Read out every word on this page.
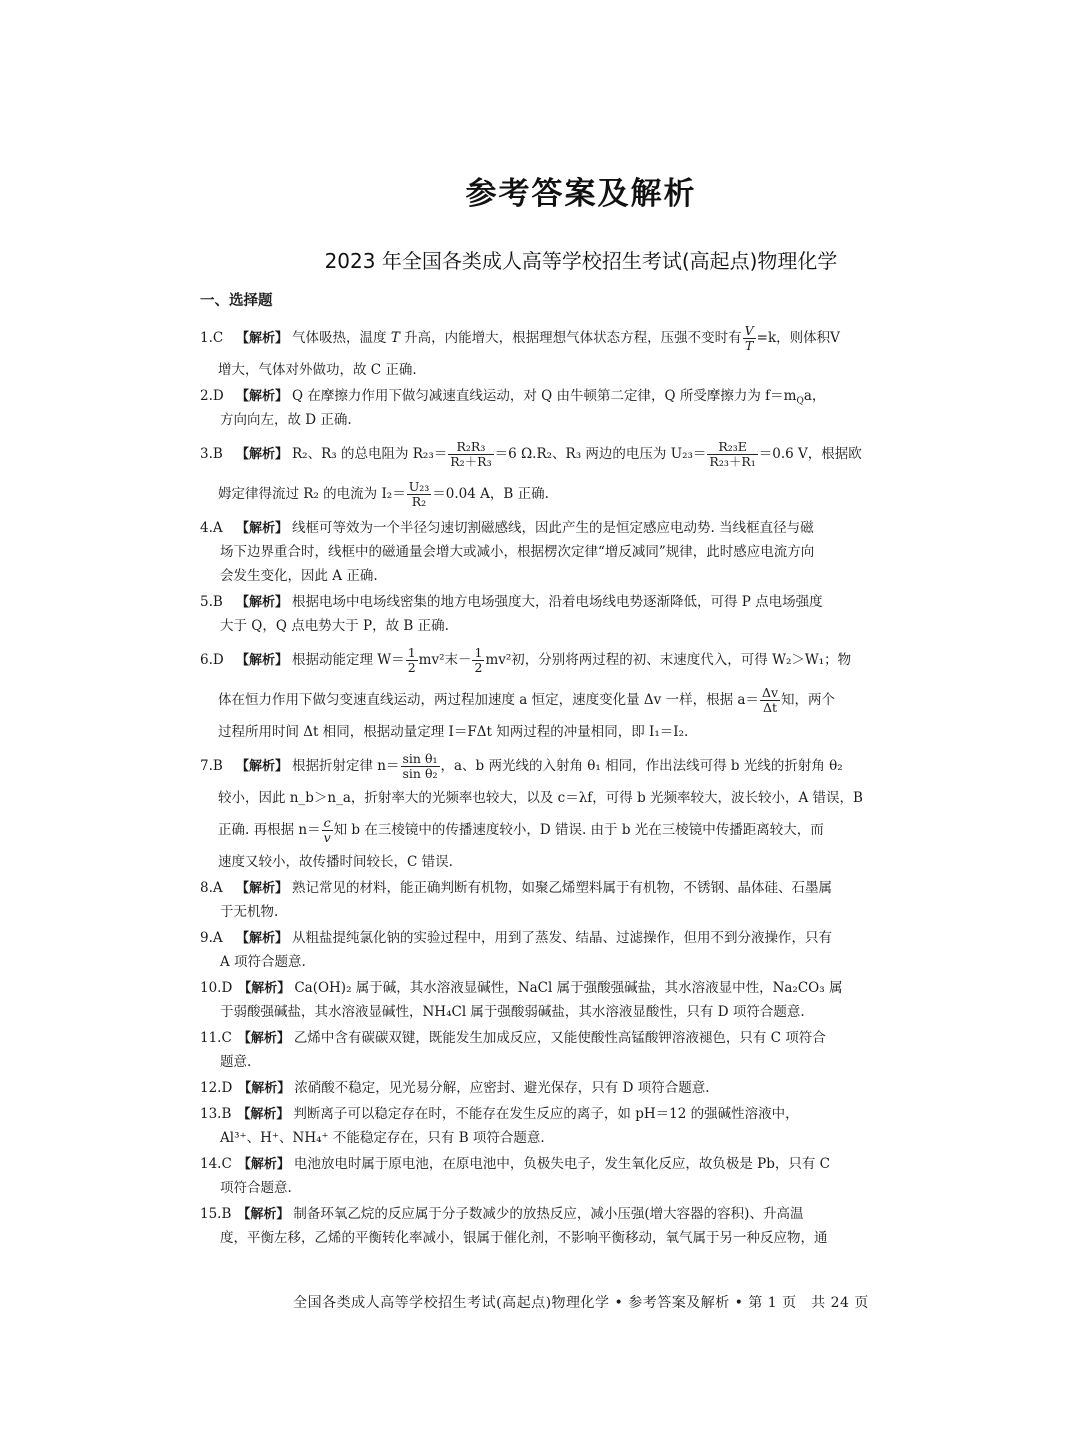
参考答案及解析
2023 年全国各类成人高等学校招生考试(高起点)物理化学
一、选择题
1.C 【解析】 气体吸热，温度 T 升高，内能增大，根据理想气体状态方程，压强不变时有 $\frac{V}{T} =k$，则体积V
增大，气体对外做功，故 C 正确.
2.D 【解析】 Q 在摩擦力作用下做匀减速直线运动，对 Q 由牛顿第二定律，Q 所受摩擦力为 $f=m_Qa$，
方向向左，故 D 正确.
3.B 【解析】 R₂、R₃ 的总电阻为 $R_{23}= \frac{\text{R₂R₃}}{\text{R₂＋R₃}} =6$ Ω.R₂、R₃ 两边的电压为 $U_{23}= \frac{\text{R₂₃E}}{\text{R₂₃＋R₁}} =0.6$ V，根据欧
姆定律得流过 R₂ 的电流为 $I_2= \frac{\text{U₂₃}}{\text{R₂}} =0.04$ A，B 正确.
4.A 【解析】 线框可等效为一个半径匀速切割磁感线，因此产生的是恒定感应电动势. 当线框直径与磁
场下边界重合时，线框中的磁通量会增大或减小，根据楞次定律“增反减同”规律，此时感应电流方向
会发生变化，因此 A 正确.
5.B 【解析】 根据电场中电场线密集的地方电场强度大，沿着电场线电势逐渐降低，可得 P 点电场强度
大于 Q，Q 点电势大于 P，故 B 正确.
6.D 【解析】 根据动能定理 $W= \frac{1}{2} mv^2$末－ $\frac{1}{2} mv^2$初，分别将两过程的初、末速度代入，可得 W₂＞W₁；物
体在恒力作用下做匀变速直线运动，两过程加速度 a 恒定，速度变化量 Δv 一样，根据 $a= \frac{\Delta v}{\Delta t}$ 知，两个
过程所用时间 Δt 相同，根据动量定理 I＝FΔt 知两过程的冲量相同，即 I₁＝I₂.
7.B 【解析】 根据折射定律 $n= \frac{\text{sin θ₁}}{\text{sin θ₂}}$ ，a、b 两光线的入射角 θ₁ 相同，作出法线可得 b 光线的折射角 θ₂
较小，因此 n_b＞n_a，折射率大的光频率也较大，以及 c＝λf，可得 b 光频率较大，波长较小，A 错误，B
正确. 再根据 $n= \frac{c}{v}$ 知 b 在三棱镜中的传播速度较小，D 错误. 由于 b 光在三棱镜中传播距离较大，而
速度又较小，故传播时间较长，C 错误.
8.A 【解析】 熟记常见的材料，能正确判断有机物，如聚乙烯塑料属于有机物，不锈钢、晶体硅、石墨属
于无机物.
9.A 【解析】 从粗盐提纯氯化钠的实验过程中，用到了蒸发、结晶、过滤操作，但用不到分液操作，只有
A 项符合题意.
10.D 【解析】 Ca(OH)₂ 属于碱，其水溶液显碱性，NaCl 属于强酸强碱盐，其水溶液显中性，Na₂CO₃ 属
于弱酸强碱盐，其水溶液显碱性，NH₄Cl 属于强酸弱碱盐，其水溶液显酸性，只有 D 项符合题意.
11.C 【解析】 乙烯中含有碳碳双键，既能发生加成反应，又能使酸性高锰酸钾溶液褪色，只有 C 项符合
题意.
12.D 【解析】 浓硝酸不稳定，见光易分解，应密封、避光保存，只有 D 项符合题意.
13.B 【解析】 判断离子可以稳定存在时，不能存在发生反应的离子，如 pH＝12 的强碱性溶液中，
Al³⁺、H⁺、NH₄⁺ 不能稳定存在，只有 B 项符合题意.
14.C 【解析】 电池放电时属于原电池，在原电池中，负极失电子，发生氧化反应，故负极是 Pb，只有 C
项符合题意.
15.B 【解析】 制备环氧乙烷的反应属于分子数减少的放热反应，减小压强(增大容器的容积)、升高温
度，平衡左移，乙烯的平衡转化率减小，银属于催化剂，不影响平衡移动，氧气属于另一种反应物，通
全国各类成人高等学校招生考试(高起点)物理化学 • 参考答案及解析 • 第 1 页　共 24 页
